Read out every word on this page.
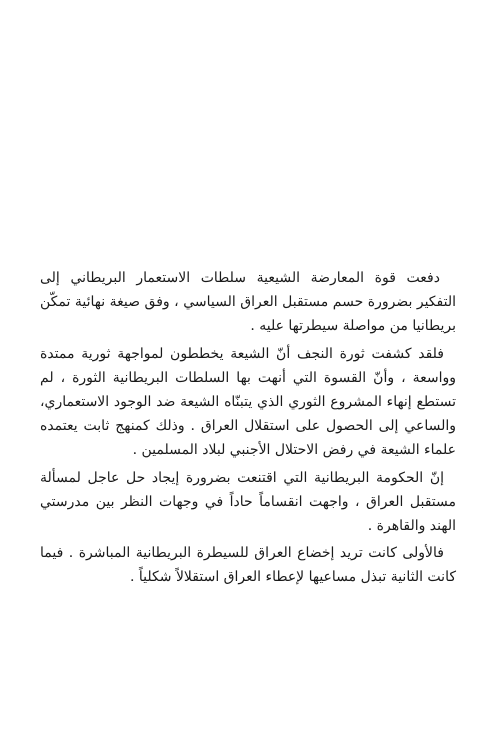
دفعت قوة المعارضة الشيعية سلطات الاستعمار البريطاني إلى التفكير بضرورة حسم مستقبل العراق السياسي ، وفق صيغة نهائية تمكّن بريطانيا من مواصلة سيطرتها عليه .

فلقد كشفت ثورة النجف أنّ الشيعة يخططون لمواجهة ثورية ممتدة وواسعة ، وأنّ القسوة التي أنهت بها السلطات البريطانية الثورة ، لم تستطع إنهاء المشروع الثوري الذي يتبنّاه الشيعة ضد الوجود الاستعماري، والساعي إلى الحصول على استقلال العراق . وذلك كمنهج ثابت يعتمده علماء الشيعة في رفض الاحتلال الأجنبي لبلاد المسلمين .

إنّ الحكومة البريطانية التي اقتنعت بضرورة إيجاد حل عاجل لمسألة مستقبل العراق ، واجهت انقساماً حاداً في وجهات النظر بين مدرستي الهند والقاهرة .

فالأولى كانت تريد إخضاع العراق للسيطرة البريطانية المباشرة . فيما كانت الثانية تبذل مساعيها لإعطاء العراق استقلالاً شكلياً .
